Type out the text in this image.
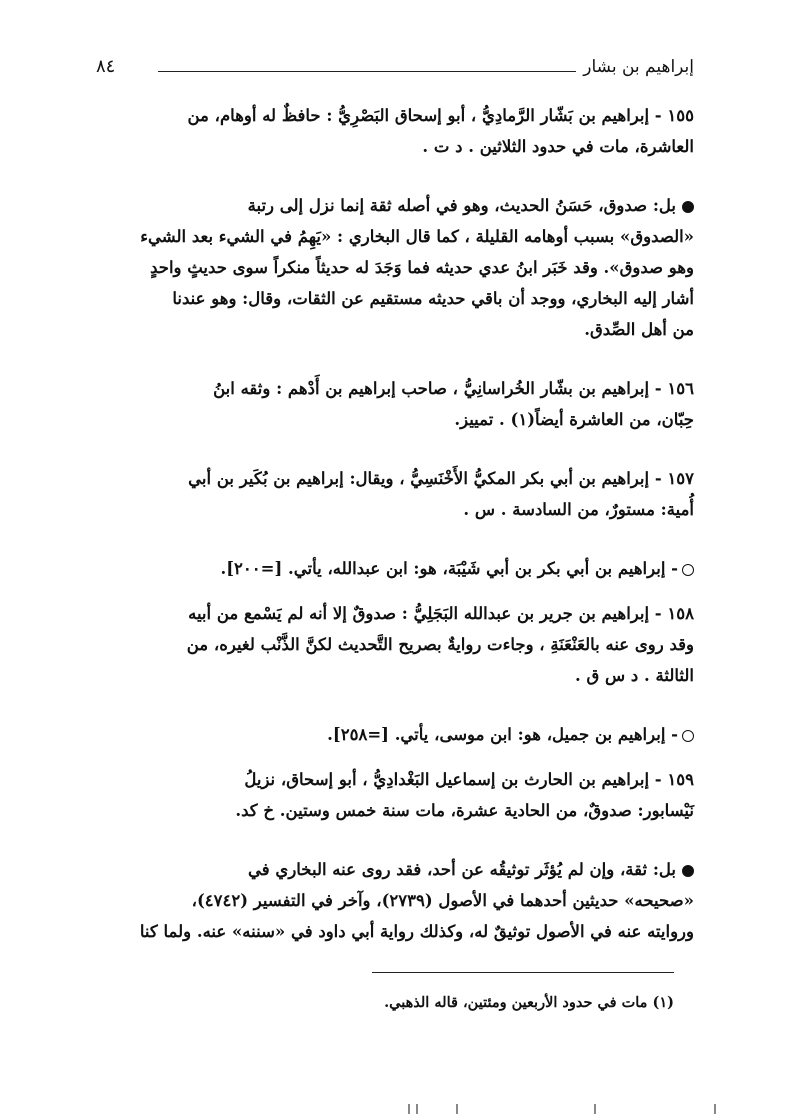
إبراهيم بن بشار
٨٤
١٥٥ - إبراهيم بن بَشّار الرَّمادِيُّ ، أبو إسحاق البَصْرِيُّ : حافظٌ له أوهام، من
العاشرة، مات في حدود الثلاثين . د ت .
بل: صدوق، حَسَنُ الحديث، وهو في أصله ثقة إنما نزل إلى رتبة
«الصدوق» بسبب أوهامه القليلة ، كما قال البخاري : «يَهِمُ في الشيء بعد الشيء
وهو صدوق». وقد خَبَر ابنُ عدي حديثه فما وَجَدَ له حديثاً منكراً سوى حديثٍ واحدٍ
أشار إليه البخاري، ووجد أن باقي حديثه مستقيم عن الثقات، وقال: وهو عندنا
من أهل الصِّدق.
١٥٦ - إبراهيم بن بشّار الخُراسانِيُّ ، صاحب إبراهيم بن أَدْهم : وثقه ابنُ
حِبّان، من العاشرة أيضاً(١) . تمييز.
١٥٧ - إبراهيم بن أبي بكر المكيُّ الأَخْنَسِيُّ ، ويقال: إبراهيم بن بُكَير بن أبي
أُمية: مستورٌ، من السادسة . س .
- إبراهيم بن أبي بكر بن أبي شَيْبَة، هو: ابن عبدالله، يأتي. [=٢٠٠].
١٥٨ - إبراهيم بن جرير بن عبدالله البَجَلِيُّ : صدوقٌ إلا أنه لم يَسْمع من أبيه
وقد روى عنه بالعَنْعَنَةِ ، وجاءت روايةٌ بصريح التَّحديث لكنَّ الذَّنْب لغيره، من
الثالثة . د س ق .
- إبراهيم بن جميل، هو: ابن موسى، يأتي. [=٢٥٨].
١٥٩ - إبراهيم بن الحارث بن إسماعيل البَغْدادِيُّ ، أبو إسحاق، نزيلُ
نَيْسابور: صدوقٌ، من الحادية عشرة، مات سنة خمس وستين. خ كد.
بل: ثقة، وإن لم يُؤثَر توثيقُه عن أحد، فقد روى عنه البخاري في
«صحيحه» حديثين أحدهما في الأصول (٢٧٣٩)، وآخر في التفسير (٤٧٤٢)،
وروايته عنه في الأصول توثيقٌ له، وكذلك رواية أبي داود في «سننه» عنه. ولما كنا
(١) مات في حدود الأربعين ومئتين، قاله الذهبي.
